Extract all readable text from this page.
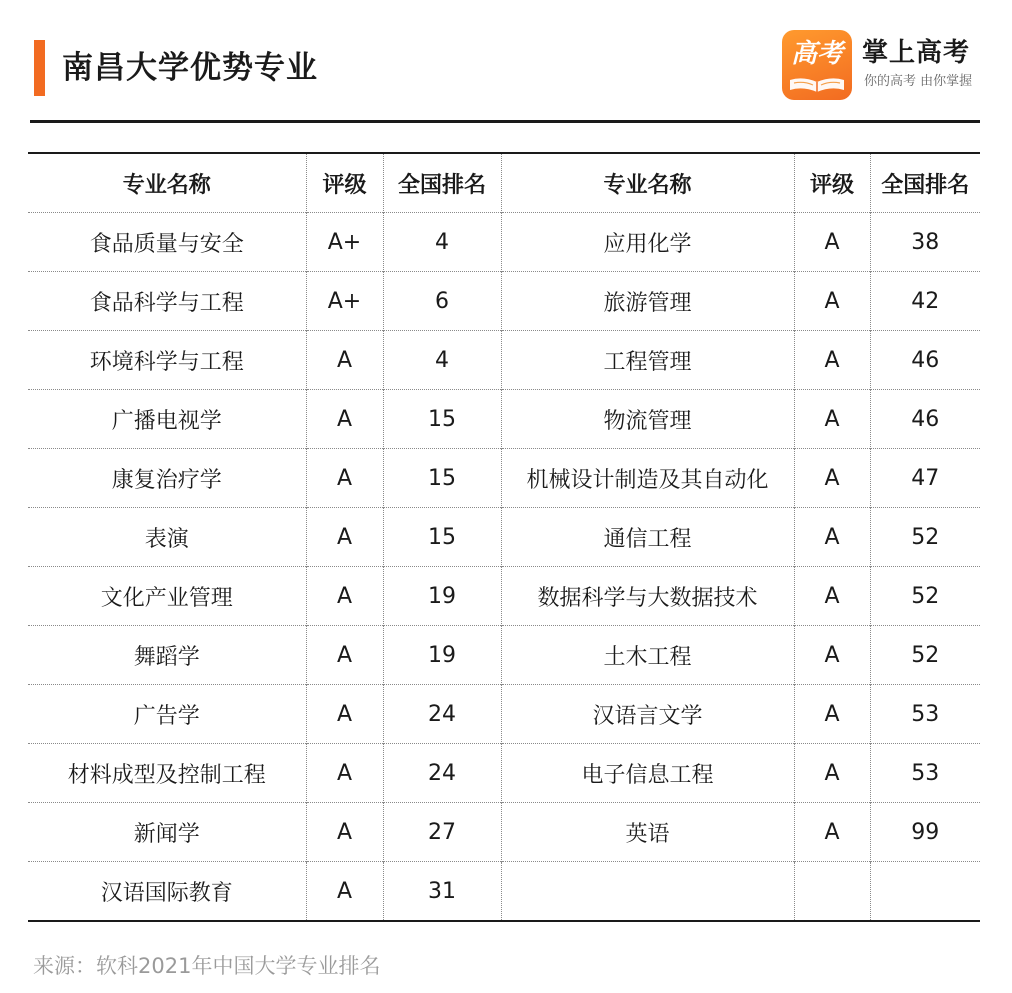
南昌大学优势专业	高考 掌上高考
你的高考 由你掌握
专业名称	评级	全国排名	专业名称	评级	全国排名
食品质量与安全	A+	4	应用化学	A	38
食品科学与工程	A+	6	旅游管理	A	42
环境科学与工程	A	4	工程管理	A	46
广播电视学	A	15	物流管理	A	46
康复治疗学	A	15	机械设计制造及其自动化	A	47
表演	A	15	通信工程	A	52
文化产业管理	A	19	数据科学与大数据技术	A	52
舞蹈学	A	19	土木工程	A	52
广告学	A	24	汉语言文学	A	53
材料成型及控制工程	A	24	电子信息工程	A	53
新闻学	A	27	英语	A	99
汉语国际教育	A	31			
来源：软科2021年中国大学专业排名
